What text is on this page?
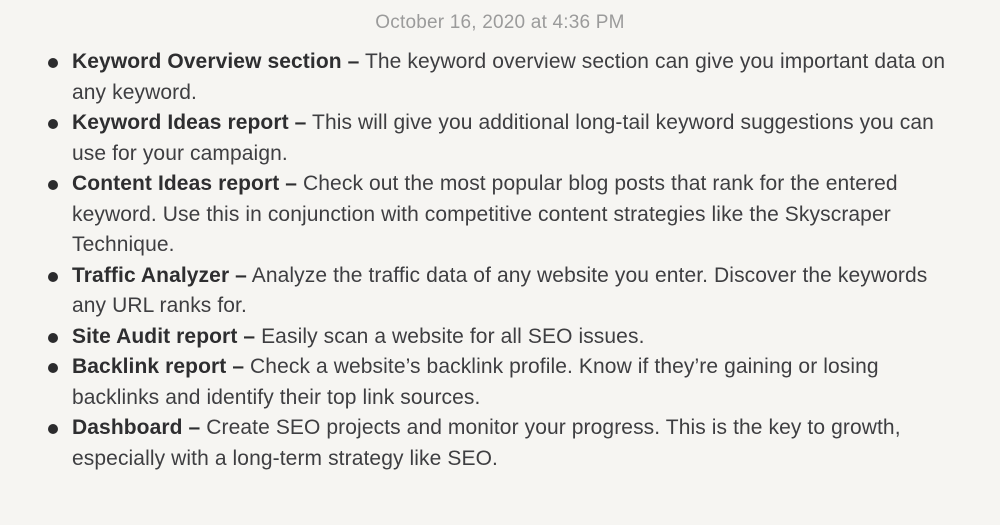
October 16, 2020 at 4:36 PM
Keyword Overview section – The keyword overview section can give you important data on any keyword.
Keyword Ideas report – This will give you additional long-tail keyword suggestions you can use for your campaign.
Content Ideas report – Check out the most popular blog posts that rank for the entered keyword. Use this in conjunction with competitive content strategies like the Skyscraper Technique.
Traffic Analyzer – Analyze the traffic data of any website you enter. Discover the keywords any URL ranks for.
Site Audit report – Easily scan a website for all SEO issues.
Backlink report – Check a website’s backlink profile. Know if they’re gaining or losing backlinks and identify their top link sources.
Dashboard – Create SEO projects and monitor your progress. This is the key to growth, especially with a long-term strategy like SEO.
